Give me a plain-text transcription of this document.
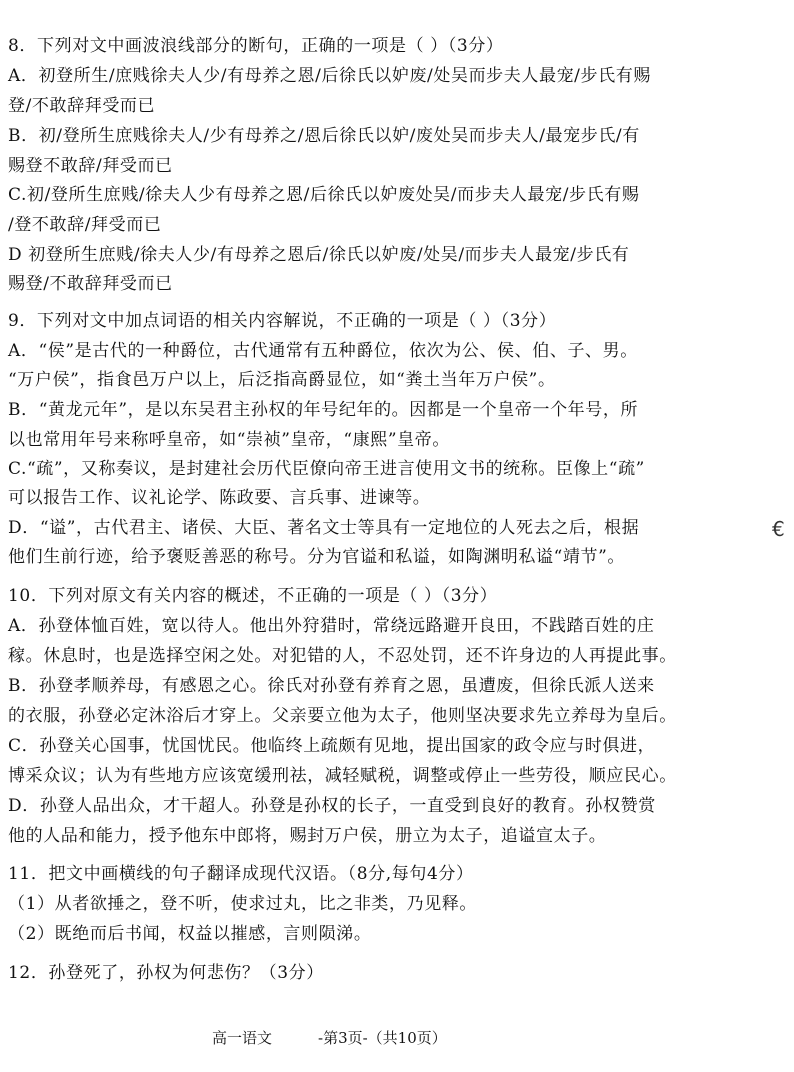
8．下列对文中画波浪线部分的断句，正确的一项是（ ）（3分）
A．初登所生/庶贱徐夫人少/有母养之恩/后徐氏以妒废/处吴而步夫人最宠/步氏有赐
登/不敢辞拜受而已
B．初/登所生庶贱徐夫人/少有母养之/恩后徐氏以妒/废处吴而步夫人/最宠步氏/有
赐登不敢辞/拜受而已
C.初/登所生庶贱/徐夫人少有母养之恩/后徐氏以妒废处吴/而步夫人最宠/步氏有赐
/登不敢辞/拜受而已
D 初登所生庶贱/徐夫人少/有母养之恩后/徐氏以妒废/处吴/而步夫人最宠/步氏有
赐登/不敢辞拜受而已
9．下列对文中加点词语的相关内容解说，不正确的一项是（ ）（3分）
A．“侯”是古代的一种爵位，古代通常有五种爵位，依次为公、侯、伯、子、男。
“万户侯”，指食邑万户以上，后泛指高爵显位，如“粪土当年万户侯”。
B．“黄龙元年”，是以东吴君主孙权的年号纪年的。因都是一个皇帝一个年号，所
以也常用年号来称呼皇帝，如“崇祯”皇帝，“康熙”皇帝。
C.“疏”，又称奏议，是封建社会历代臣僚向帝王进言使用文书的统称。臣像上“疏”
可以报告工作、议礼论学、陈政要、言兵事、进谏等。
D．“谥”，古代君主、诸侯、大臣、著名文士等具有一定地位的人死去之后，根据
他们生前行迹，给予褒贬善恶的称号。分为官谥和私谥，如陶渊明私谥“靖节”。
10．下列对原文有关内容的概述，不正确的一项是（ ）（3分）
A．孙登体恤百姓，宽以待人。他出外狩猎时，常绕远路避开良田，不践踏百姓的庄
稼。休息时，也是选择空闲之处。对犯错的人，不忍处罚，还不许身边的人再提此事。
B．孙登孝顺养母，有感恩之心。徐氏对孙登有养育之恩，虽遭废，但徐氏派人送来
的衣服，孙登必定沐浴后才穿上。父亲要立他为太子，他则坚决要求先立养母为皇后。
C．孙登关心国事，忧国忧民。他临终上疏颇有见地，提出国家的政令应与时俱进，
博采众议；认为有些地方应该宽缓刑祛，减轻赋税，调整或停止一些劳役，顺应民心。
D．孙登人品出众，才干超人。孙登是孙权的长子，一直受到良好的教育。孙权赞赏
他的人品和能力，授予他东中郎将，赐封万户侯，册立为太子，追谥宣太子。
11．把文中画横线的句子翻译成现代汉语。（8分,每句4分）
（1）从者欲捶之，登不听，使求过丸，比之非类，乃见释。
（2）既绝而后书闻，权益以摧感，言则陨涕。
12．孙登死了，孙权为何悲伤？（3分）
€
高一语文	-第3页-（共10页）
